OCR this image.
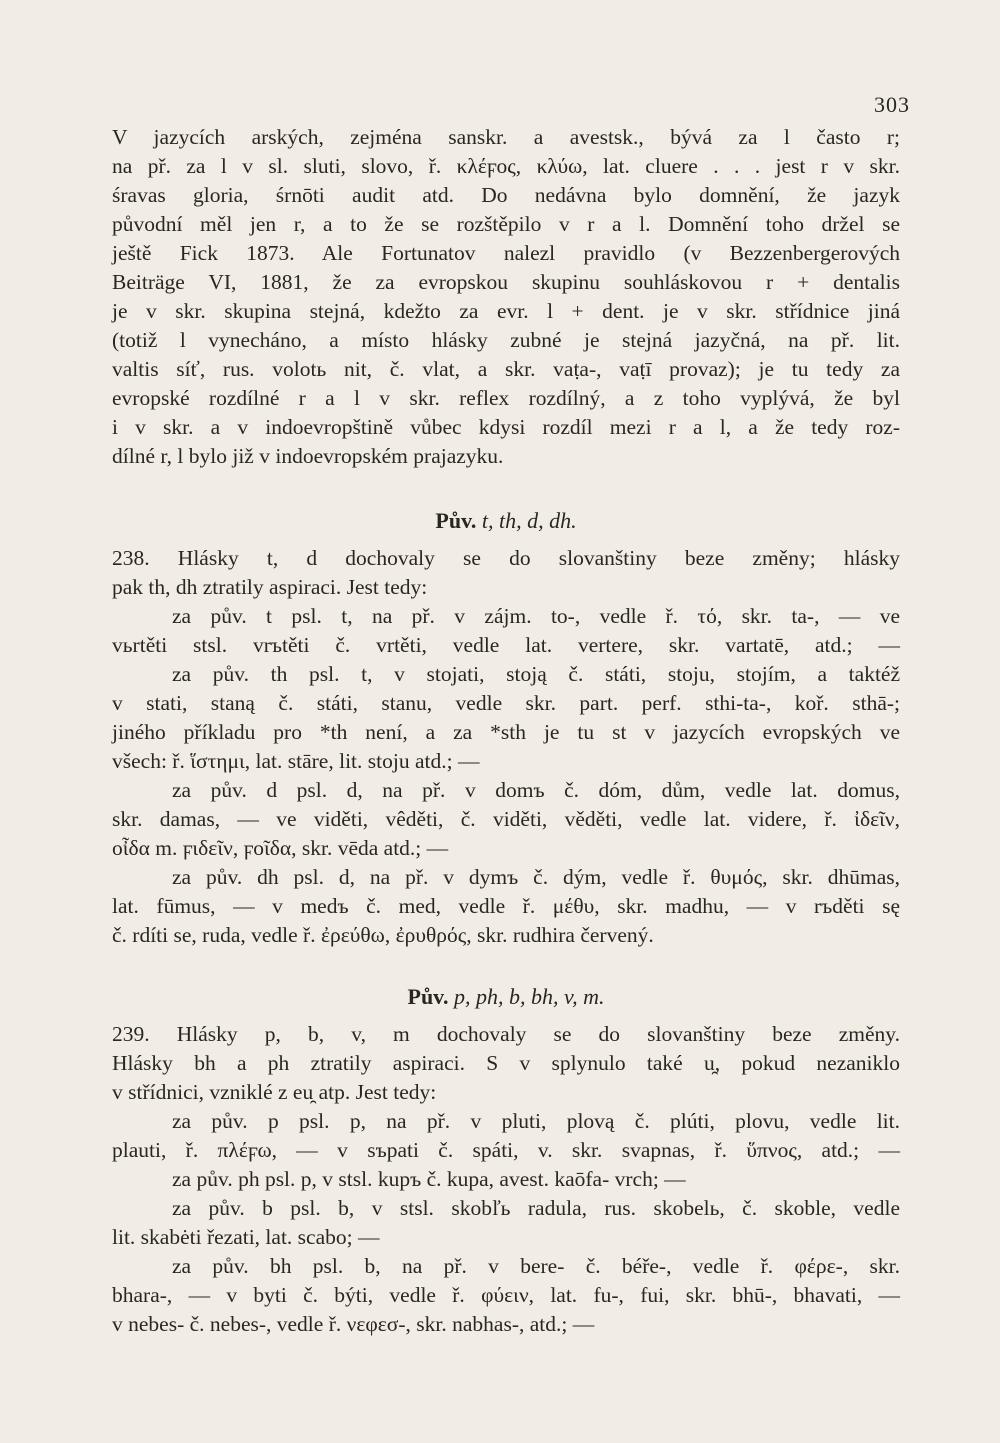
303
V jazycích arských, zejména sanskr. a avestsk., bývá za l často r;
na př. za l v sl. sluti, slovo, ř. κλέϝος, κλύω, lat. cluere . . . jest r v skr.
śravas gloria, śrnōti audit atd. Do nedávna bylo domnění, že jazyk
původní měl jen r, a to že se rozštěpilo v r a l. Domnění toho držel se
ještě Fick 1873. Ale Fortunatov nalezl pravidlo (v Bezzenbergerových
Beiträge VI, 1881, že za evropskou skupinu souhláskovou r + dentalis
je v skr. skupina stejná, kdežto za evr. l + dent. je v skr. střídnice jiná
(totiž l vynecháno, a místo hlásky zubné je stejná jazyčná, na př. lit.
valtis síť, rus. volotь nit, č. vlat, a skr. vaṭa-, vaṭī provaz); je tu tedy za
evropské rozdílné r a l v skr. reflex rozdílný, a z toho vyplývá, že byl
i v skr. a v indoevropštině vůbec kdysi rozdíl mezi r a l, a že tedy roz-
dílné r, l bylo již v indoevropském prajazyku.
Pův. t, th, d, dh.
238. Hlásky t, d dochovaly se do slovanštiny beze změny; hlásky
pak th, dh ztratily aspiraci. Jest tedy:
za pův. t psl. t, na př. v zájm. to-, vedle ř. τό, skr. ta-, — ve
vьrtěti stsl. vrъtěti č. vrtěti, vedle lat. vertere, skr. vartatē, atd.; —
za pův. th psl. t, v stojati, stoją č. státi, stoju, stojím, a taktéž
v stati, staną č. státi, stanu, vedle skr. part. perf. sthi-ta-, koř. sthā-;
jiného příkladu pro *th není, a za *sth je tu st v jazycích evropských ve
všech: ř. ἵστημι, lat. stāre, lit. stoju atd.; —
za pův. d psl. d, na př. v domъ č. dóm, dům, vedle lat. domus,
skr. damas, — ve viděti, vêděti, č. viděti, věděti, vedle lat. videre, ř. ἰδεῖν,
οἶδα m. ϝιδεῖν, ϝοῖδα, skr. vēda atd.; —
za pův. dh psl. d, na př. v dymъ č. dým, vedle ř. θυμός, skr. dhūmas,
lat. fūmus, — v medъ č. med, vedle ř. μέθυ, skr. madhu, — v rъděti sę
č. rdíti se, ruda, vedle ř. ἐρεύθω, ἐρυθρός, skr. rudhira červený.
Pův. p, ph, b, bh, v, m.
239. Hlásky p, b, v, m dochovaly se do slovanštiny beze změny.
Hlásky bh a ph ztratily aspiraci. S v splynulo také u̯, pokud nezaniklo
v střídnici, vzniklé z eu̯ atp. Jest tedy:
za pův. p psl. p, na př. v pluti, plovą č. plúti, plovu, vedle lit.
plauti, ř. πλέϝω, — v sъpati č. spáti, v. skr. svapnas, ř. ὕπνος, atd.; —
za pův. ph psl. p, v stsl. kupъ č. kupa, avest. kaōfa- vrch; —
za pův. b psl. b, v stsl. skobľь radula, rus. skobelь, č. skoble, vedle
lit. skabėti řezati, lat. scabo; —
za pův. bh psl. b, na př. v bere- č. béře-, vedle ř. φέρε-, skr.
bhara-, — v byti č. býti, vedle ř. φύειν, lat. fu-, fui, skr. bhū-, bhavati, —
v nebes- č. nebes-, vedle ř. νεφεσ-, skr. nabhas-, atd.; —
